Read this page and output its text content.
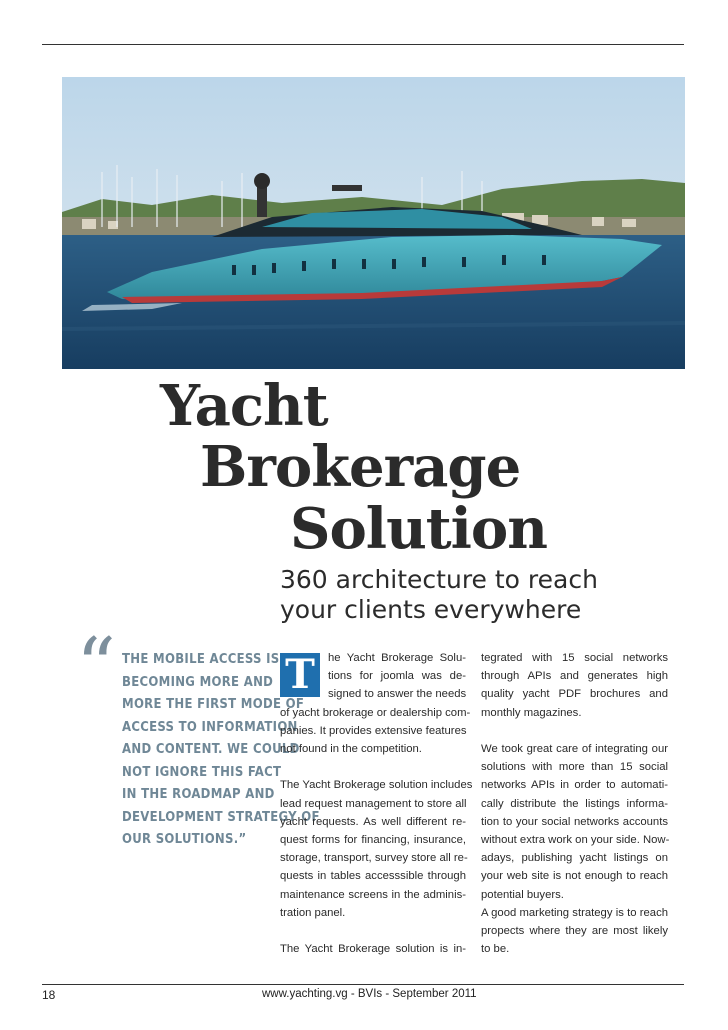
Yacht
Brokerage
Solution
360 architecture to reach
your clients everywhere
“ THE MOBILE ACCESS IS
BECOMING MORE AND
MORE THE FIRST MODE OF
ACCESS TO INFORMATION
AND CONTENT. WE COULD
NOT IGNORE THIS FACT
IN THE ROADMAP AND
DEVELOPMENT STRATEGY OF
OUR SOLUTIONS.”
T	he Yacht Brokerage Solu-
tions for joomla was de-
signed to answer the needs
of yacht brokerage or dealership com-
panies. It provides extensive features
not found in the competition.
The Yacht Brokerage solution includes
lead request management to store all
yacht requests. As well different re-
quest forms for financing, insurance,
storage, transport, survey store all re-
quests in tables accesssible through
maintenance screens in the adminis-
tration panel.
The Yacht Brokerage solution is in-
tegrated with 15 social networks
through APIs and generates high
quality yacht PDF brochures and
monthly magazines.
We took great care of integrating our
solutions with more than 15 social
networks APIs in order to automati-
cally distribute the listings informa-
tion to your social networks accounts
without extra work on your side. Now-
adays, publishing yacht listings on
your web site is not enough to reach
potential buyers.
A good marketing strategy is to reach
propects where they are most likely
to be.
18	www.yachting.vg - BVIs - September 2011
